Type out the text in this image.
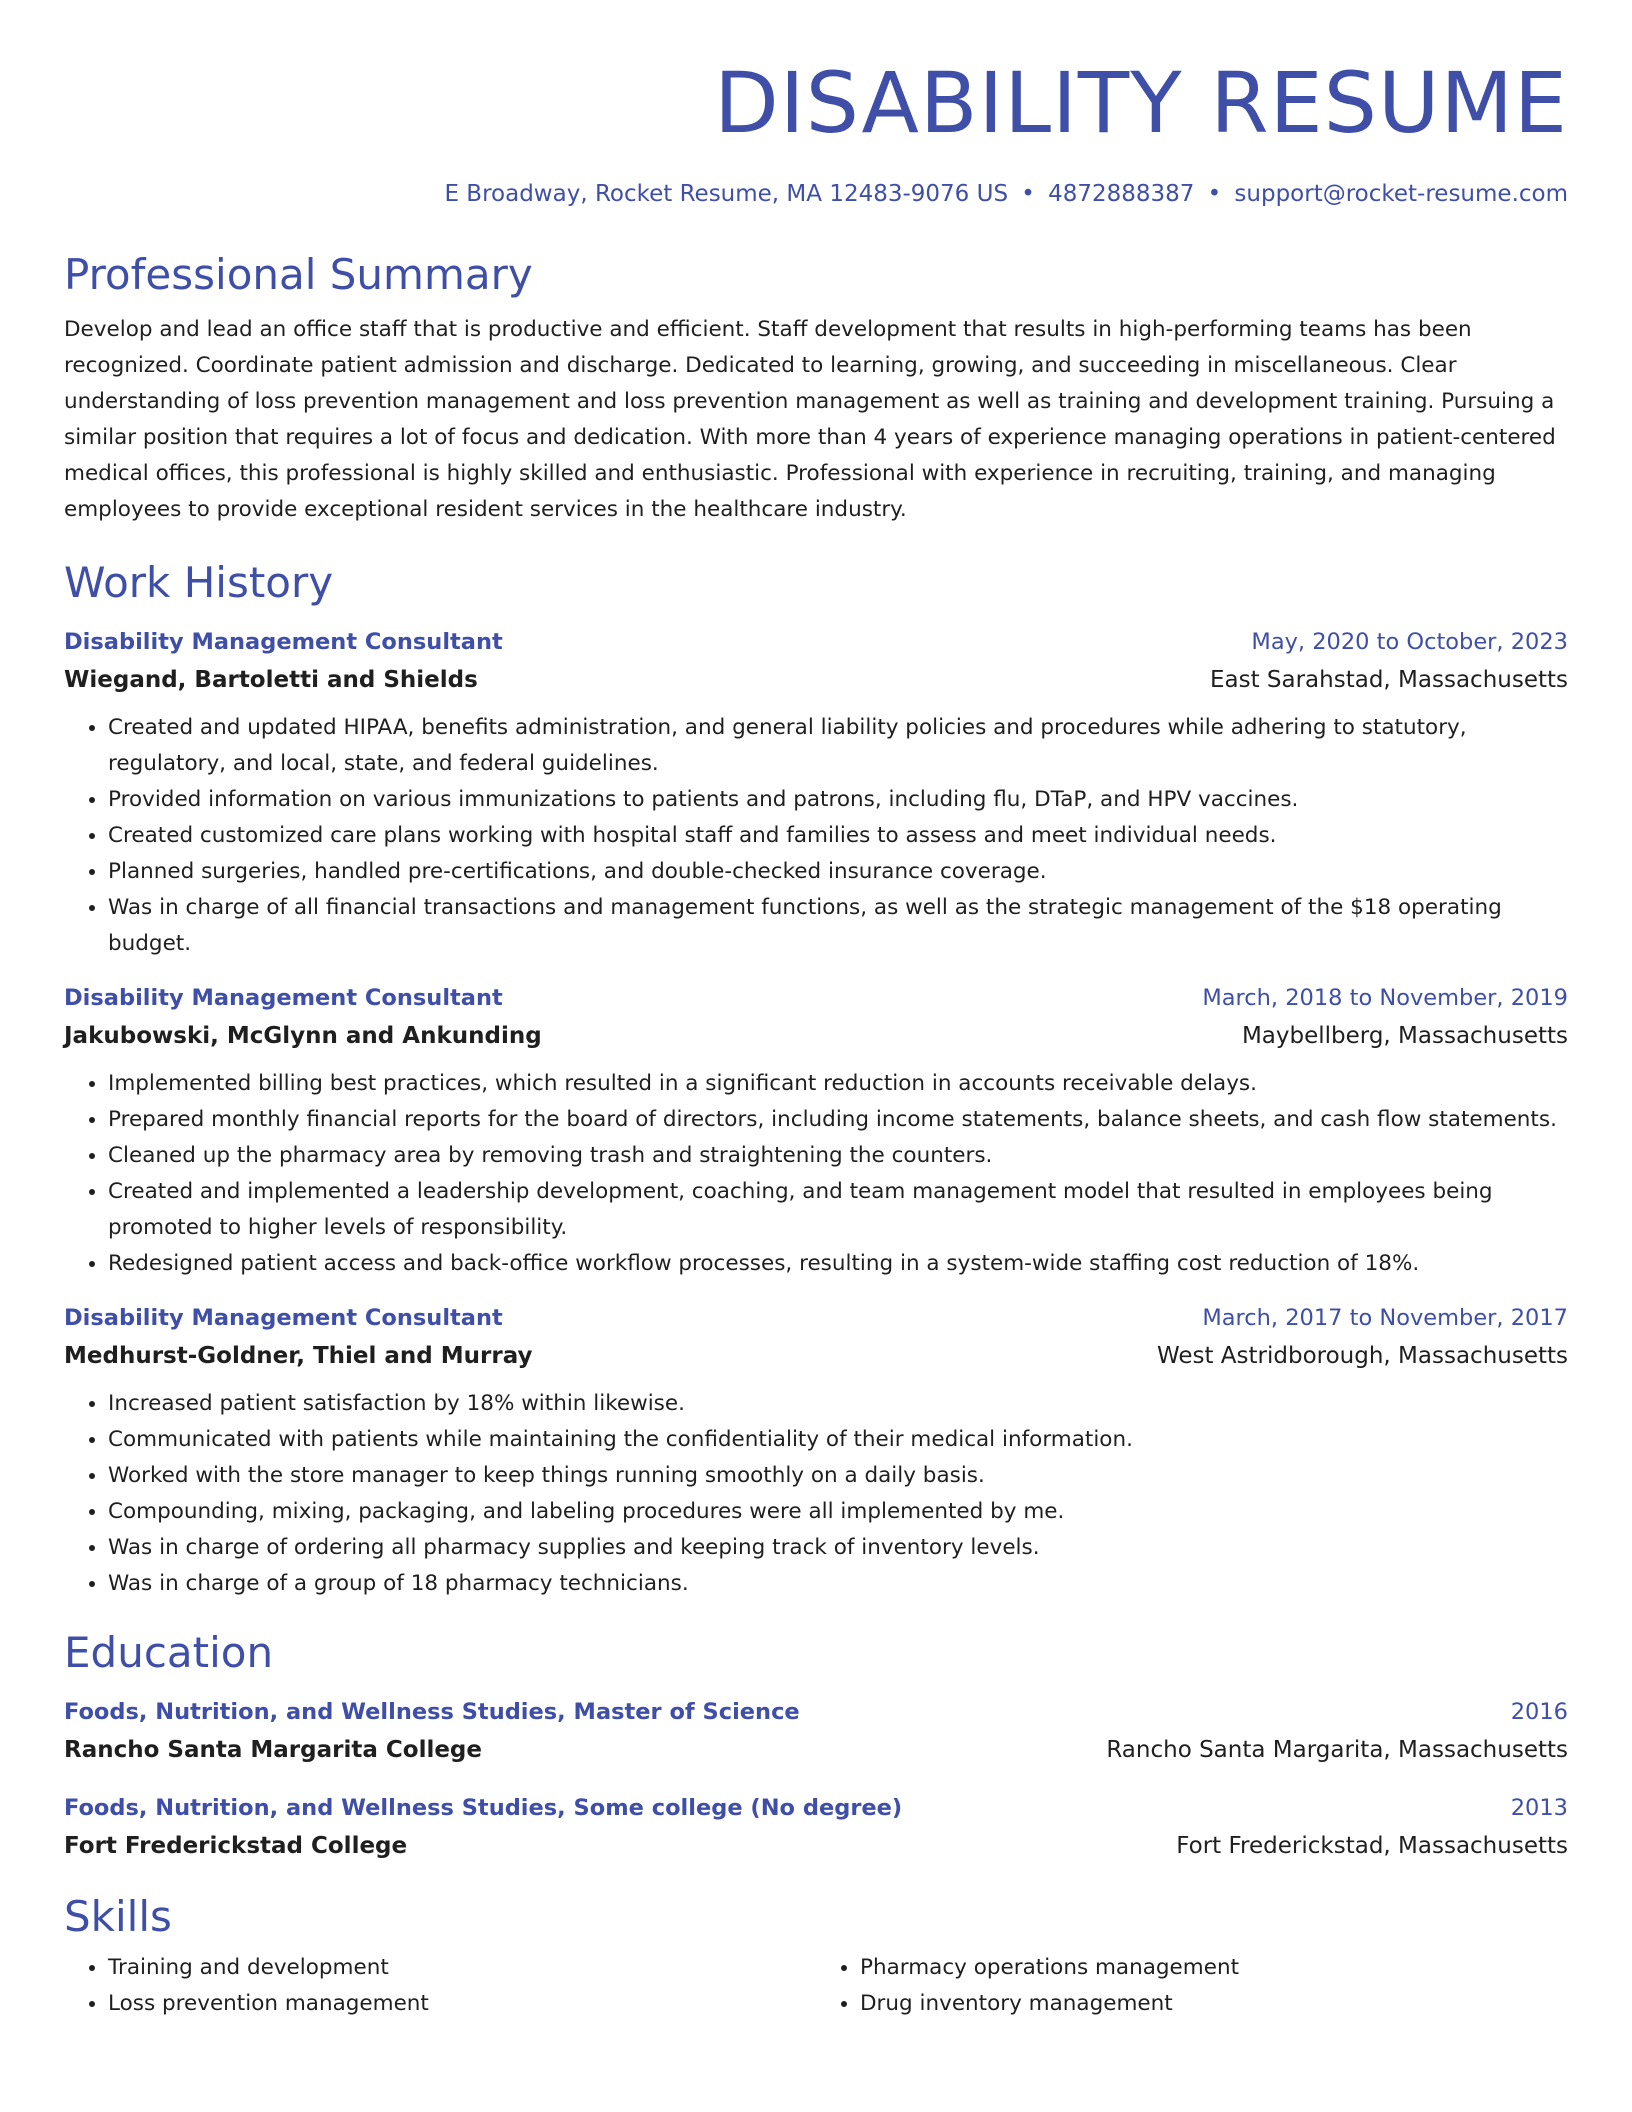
DISABILITY RESUME
E Broadway, Rocket Resume, MA 12483-9076 US • 4872888387 • support@rocket-resume.com
Professional Summary
Develop and lead an office staff that is productive and efficient. Staff development that results in high-performing teams has been recognized. Coordinate patient admission and discharge. Dedicated to learning, growing, and succeeding in miscellaneous. Clear understanding of loss prevention management and loss prevention management as well as training and development training. Pursuing a similar position that requires a lot of focus and dedication. With more than 4 years of experience managing operations in patient-centered medical offices, this professional is highly skilled and enthusiastic. Professional with experience in recruiting, training, and managing employees to provide exceptional resident services in the healthcare industry.
Work History
Disability Management Consultant	May, 2020 to October, 2023
Wiegand, Bartoletti and Shields	East Sarahstad, Massachusetts
• Created and updated HIPAA, benefits administration, and general liability policies and procedures while adhering to statutory, regulatory, and local, state, and federal guidelines.
• Provided information on various immunizations to patients and patrons, including flu, DTaP, and HPV vaccines.
• Created customized care plans working with hospital staff and families to assess and meet individual needs.
• Planned surgeries, handled pre-certifications, and double-checked insurance coverage.
• Was in charge of all financial transactions and management functions, as well as the strategic management of the $18 operating budget.
Disability Management Consultant	March, 2018 to November, 2019
Jakubowski, McGlynn and Ankunding	Maybellberg, Massachusetts
• Implemented billing best practices, which resulted in a significant reduction in accounts receivable delays.
• Prepared monthly financial reports for the board of directors, including income statements, balance sheets, and cash flow statements.
• Cleaned up the pharmacy area by removing trash and straightening the counters.
• Created and implemented a leadership development, coaching, and team management model that resulted in employees being promoted to higher levels of responsibility.
• Redesigned patient access and back-office workflow processes, resulting in a system-wide staffing cost reduction of 18%.
Disability Management Consultant	March, 2017 to November, 2017
Medhurst-Goldner, Thiel and Murray	West Astridborough, Massachusetts
• Increased patient satisfaction by 18% within likewise.
• Communicated with patients while maintaining the confidentiality of their medical information.
• Worked with the store manager to keep things running smoothly on a daily basis.
• Compounding, mixing, packaging, and labeling procedures were all implemented by me.
• Was in charge of ordering all pharmacy supplies and keeping track of inventory levels.
• Was in charge of a group of 18 pharmacy technicians.
Education
Foods, Nutrition, and Wellness Studies, Master of Science	2016
Rancho Santa Margarita College	Rancho Santa Margarita, Massachusetts
Foods, Nutrition, and Wellness Studies, Some college (No degree)	2013
Fort Frederickstad College	Fort Frederickstad, Massachusetts
Skills
• Training and development
• Loss prevention management
• Pharmacy operations management
• Drug inventory management
